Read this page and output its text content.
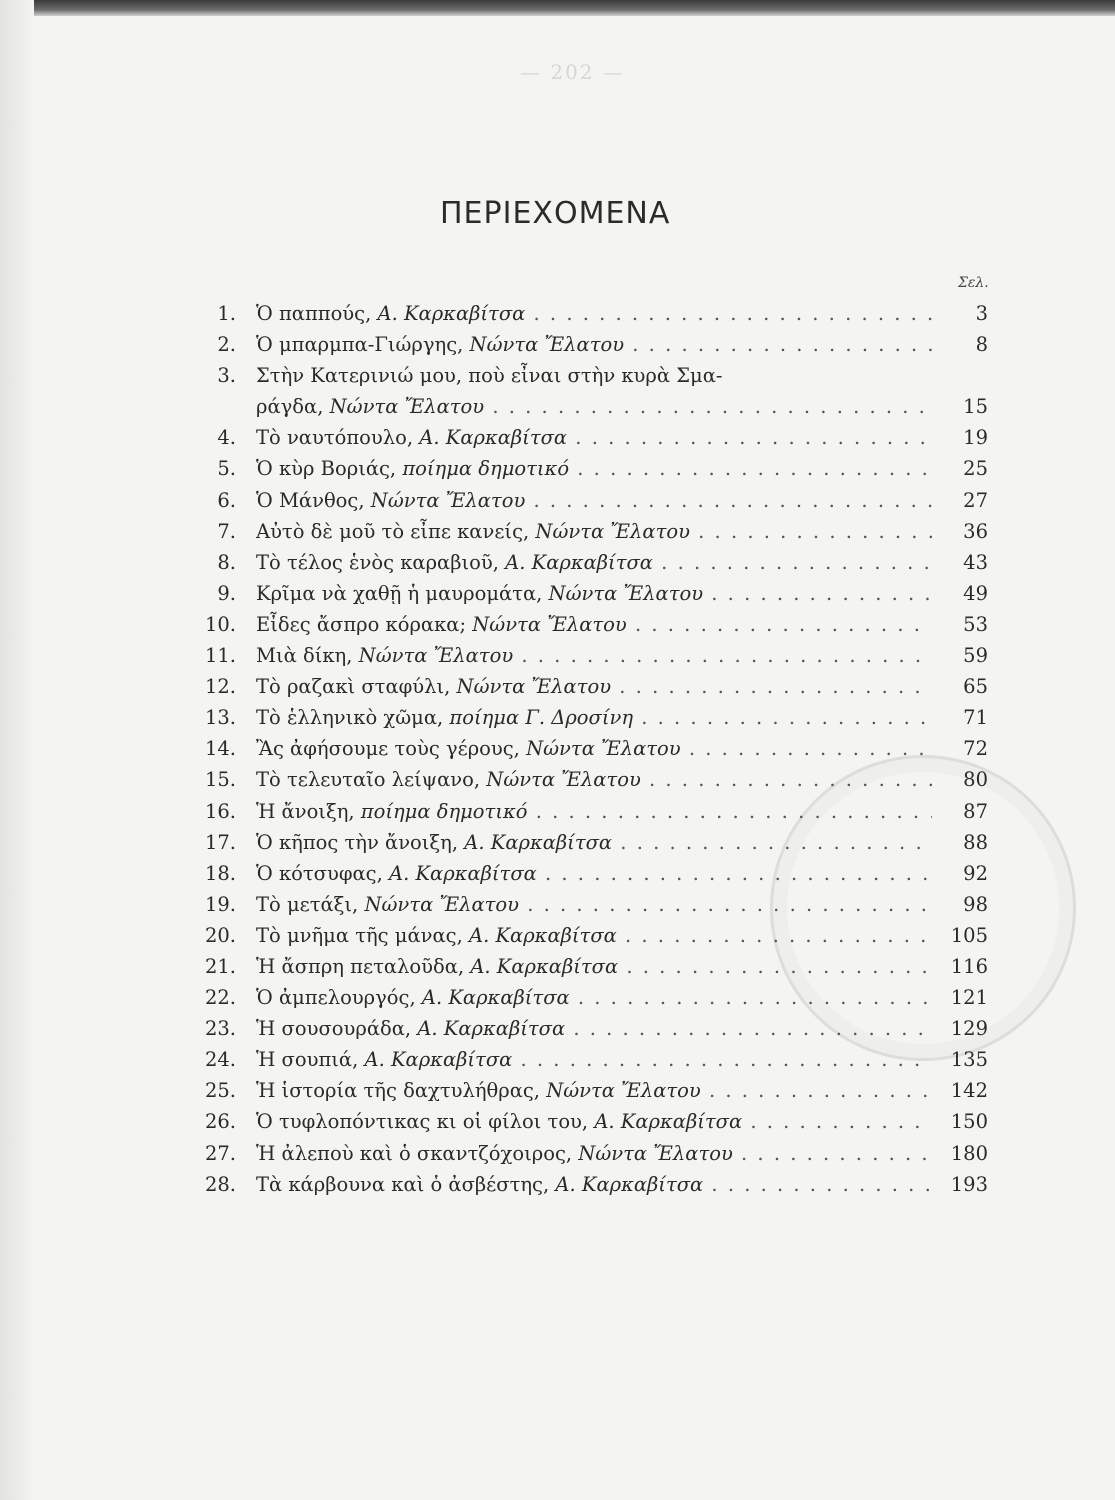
— 202 —
ΠΕΡΙΕΧΟΜΕΝΑ
Σελ.
1. Ὁ παππούς, Α. Καρκαβίτσα . . .	3
2. Ὁ μπαρμπα-Γιώργης, Νώντα Ἔλατου . . .	8
3. Στὴν Κατερινιώ μου, ποὺ εἶναι στὴν κυρὰ Σμα-
ράγδα, Νώντα Ἔλατου . . .	15
4. Τὸ ναυτόπουλο, Α. Καρκαβίτσα . . .	19
5. Ὁ κὺρ Βοριάς, ποίημα δημοτικό . . .	25
6. Ὁ Μάνθος, Νώντα Ἔλατου . . .	27
7. Αὐτὸ δὲ μοῦ τὸ εἶπε κανείς, Νώντα Ἔλατου . . .	36
8. Τὸ τέλος ἑνὸς καραβιοῦ, Α. Καρκαβίτσα . . .	43
9. Κρῖμα νὰ χαθῇ ἡ μαυρομάτα, Νώντα Ἔλατου . . .	49
10. Εἶδες ἄσπρο κόρακα; Νώντα Ἔλατου . . .	53
11. Μιὰ δίκη, Νώντα Ἔλατου . . .	59
12. Τὸ ραζακὶ σταφύλι, Νώντα Ἔλατου . . .	65
13. Τὸ ἑλληνικὸ χῶμα, ποίημα Γ. Δροσίνη . . .	71
14. Ἂς ἀφήσουμε τοὺς γέρους, Νώντα Ἔλατου . . .	72
15. Τὸ τελευταῖο λείψανο, Νώντα Ἔλατου . . .	80
16. Ἡ ἄνοιξη, ποίημα δημοτικό . . .	87
17. Ὁ κῆπος τὴν ἄνοιξη, Α. Καρκαβίτσα . . .	88
18. Ὁ κότσυφας, Α. Καρκαβίτσα . . .	92
19. Τὸ μετάξι, Νώντα Ἔλατου . . .	98
20. Τὸ μνῆμα τῆς μάνας, Α. Καρκαβίτσα . . .	105
21. Ἡ ἄσπρη πεταλοῦδα, Α. Καρκαβίτσα . . .	116
22. Ὁ ἀμπελουργός, Α. Καρκαβίτσα . . .	121
23. Ἡ σουσουράδα, Α. Καρκαβίτσα . . .	129
24. Ἡ σουπιά, Α. Καρκαβίτσα . . .	135
25. Ἡ ἱστορία τῆς δαχτυλήθρας, Νώντα Ἔλατου . . .	142
26. Ὁ τυφλοπόντικας κι οἱ φίλοι του, Α. Καρκαβίτσα . . .	150
27. Ἡ ἀλεποὺ καὶ ὁ σκαντζόχοιρος, Νώντα Ἔλατου . . .	180
28. Τὰ κάρβουνα καὶ ὁ ἀσβέστης, Α. Καρκαβίτσα . . .	193
